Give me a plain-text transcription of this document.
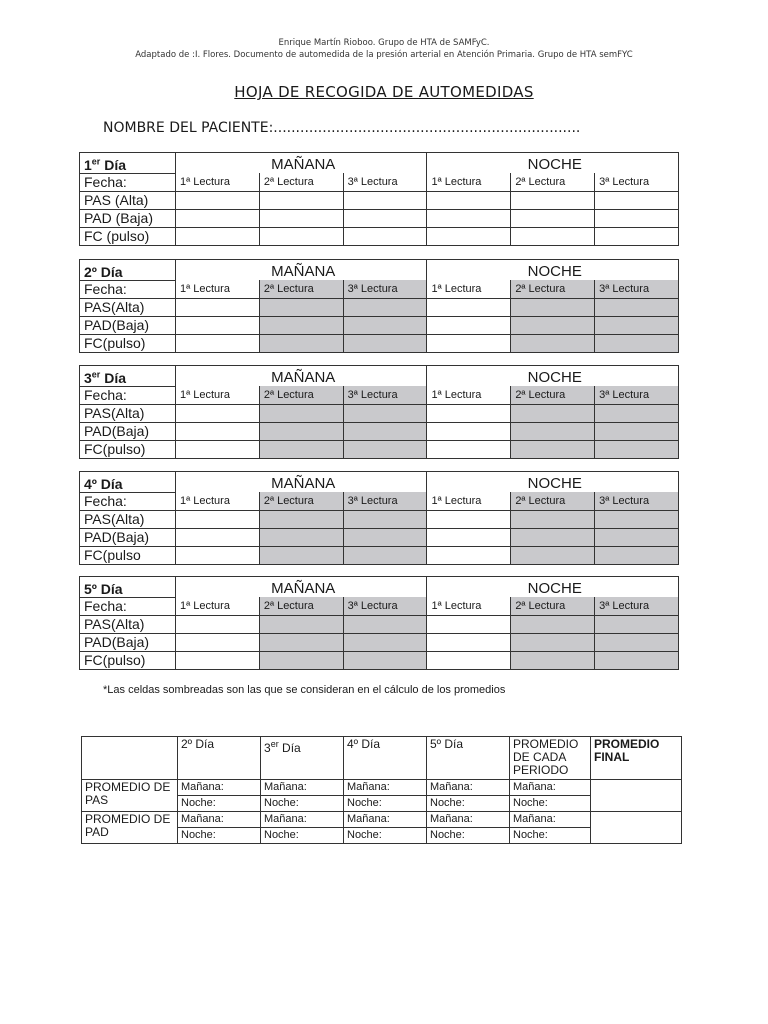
Enrique Martín Rioboo. Grupo de HTA de SAMFyC.
Adaptado de :I. Flores. Documento de automedida de la presión arterial en Atención Primaria. Grupo de HTA semFYC
HOJA DE RECOGIDA DE AUTOMEDIDAS
NOMBRE DEL PACIENTE:.....................................................................
1er Día	MAÑANA			NOCHE		
Fecha:	1ª Lectura	2ª Lectura	3ª Lectura	1ª Lectura	2ª Lectura	3ª Lectura
PAS (Alta)						
PAD (Baja)						
FC (pulso)						
2º Día	MAÑANA			NOCHE		
Fecha:	1ª Lectura	2ª Lectura	3ª Lectura	1ª Lectura	2ª Lectura	3ª Lectura
PAS(Alta)						
PAD(Baja)						
FC(pulso)						
3er Día	MAÑANA			NOCHE		
Fecha:	1ª Lectura	2ª Lectura	3ª Lectura	1ª Lectura	2ª Lectura	3ª Lectura
PAS(Alta)						
PAD(Baja)						
FC(pulso)						
4º Día	MAÑANA			NOCHE		
Fecha:	1ª Lectura	2ª Lectura	3ª Lectura	1ª Lectura	2ª Lectura	3ª Lectura
PAS(Alta)						
PAD(Baja)						
FC(pulso						
5º Día	MAÑANA			NOCHE		
Fecha:	1ª Lectura	2ª Lectura	3ª Lectura	1ª Lectura	2ª Lectura	3ª Lectura
PAS(Alta)						
PAD(Baja)						
FC(pulso)						
*Las celdas sombreadas son las que se consideran en el cálculo de los promedios
	2º Día	3er Día	4º Día	5º Día	PROMEDIO DE CADA PERIODO	PROMEDIO FINAL
PROMEDIO DE PAS	Mañana:	Mañana:	Mañana:	Mañana:	Mañana:	
	Noche:	Noche:	Noche:	Noche:	Noche:	
PROMEDIO DE PAD	Mañana:	Mañana:	Mañana:	Mañana:	Mañana:	
	Noche:	Noche:	Noche:	Noche:	Noche:	
